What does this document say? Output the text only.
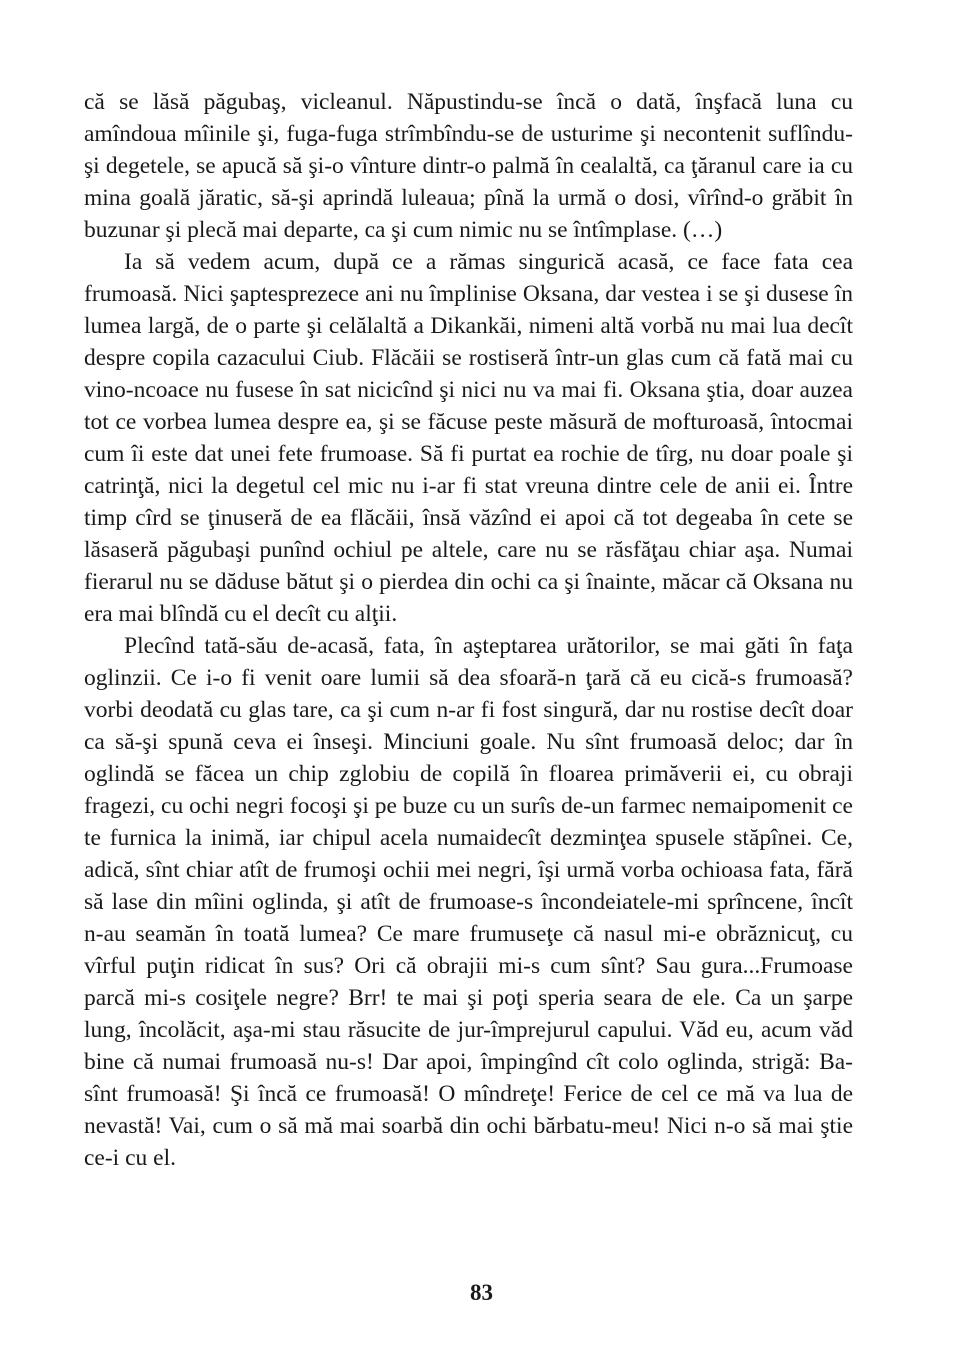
că se lăsă păgubaş, vicleanul. Năpustindu-se încă o dată, înşfacă luna cu amîndoua mîinile şi, fuga-fuga strîmbîndu-se de usturime şi necontenit suflîndu-şi degetele, se apucă să şi-o vînture dintr-o palmă în cealaltă, ca ţăranul care ia cu mina goală jăratic, să-şi aprindă luleaua; pînă la urmă o dosi, vîrînd-o grăbit în buzunar şi plecă mai departe, ca şi cum nimic nu se întîmplase. (…)

Ia să vedem acum, după ce a rămas singurică acasă, ce face fata cea frumoasă. Nici şaptesprezece ani nu împlinise Oksana, dar vestea i se şi dusese în lumea largă, de o parte şi celălaltă a Dikankăi, nimeni altă vorbă nu mai lua decît despre copila cazacului Ciub. Flăcăii se rostiseră într-un glas cum că fată mai cu vino-ncoace nu fusese în sat nicicînd şi nici nu va mai fi. Oksana ştia, doar auzea tot ce vorbea lumea despre ea, şi se făcuse peste măsură de mofturoasă, întocmai cum îi este dat unei fete frumoase. Să fi purtat ea rochie de tîrg, nu doar poale şi catrinţă, nici la degetul cel mic nu i-ar fi stat vreuna dintre cele de anii ei. Între timp cîrd se ţinuseră de ea flăcăii, însă văzînd ei apoi că tot degeaba în cete se lăsaseră păgubaşi punînd ochiul pe altele, care nu se răsfăţau chiar aşa. Numai fierarul nu se dăduse bătut şi o pierdea din ochi ca şi înainte, măcar că Oksana nu era mai blîndă cu el decît cu alţii.

Plecînd tată-său de-acasă, fata, în aşteptarea urătorilor, se mai găti în faţa oglinzii. Ce i-o fi venit oare lumii să dea sfoară-n ţară că eu cică-s frumoasă? vorbi deodată cu glas tare, ca şi cum n-ar fi fost singură, dar nu rostise decît doar ca să-şi spună ceva ei înseşi. Minciuni goale. Nu sînt frumoasă deloc; dar în oglindă se făcea un chip zglobiu de copilă în floarea primăverii ei, cu obraji fragezi, cu ochi negri focoşi şi pe buze cu un surîs de-un farmec nemaipomenit ce te furnica la inimă, iar chipul acela numaidecît dezminţea spusele stăpînei. Ce, adică, sînt chiar atît de frumoşi ochii mei negri, îşi urmă vorba ochioasa fata, fără să lase din mîini oglinda, şi atît de frumoase-s încondeiatele-mi sprîncene, încît n-au seamăn în toată lumea? Ce mare frumuseţe că nasul mi-e obrăznicuţ, cu vîrful puţin ridicat în sus? Ori că obrajii mi-s cum sînt? Sau gura...Frumoase parcă mi-s cosiţele negre? Brr! te mai şi poţi speria seara de ele. Ca un şarpe lung, încolăcit, aşa-mi stau răsucite de jur-împrejurul capului. Văd eu, acum văd bine că numai frumoasă nu-s! Dar apoi, împingînd cît colo oglinda, strigă: Ba-sînt frumoasă! Şi încă ce frumoasă! O mîndreţe! Ferice de cel ce mă va lua de nevastă! Vai, cum o să mă mai soarbă din ochi bărbatu-meu! Nici n-o să mai ştie ce-i cu el.

83
